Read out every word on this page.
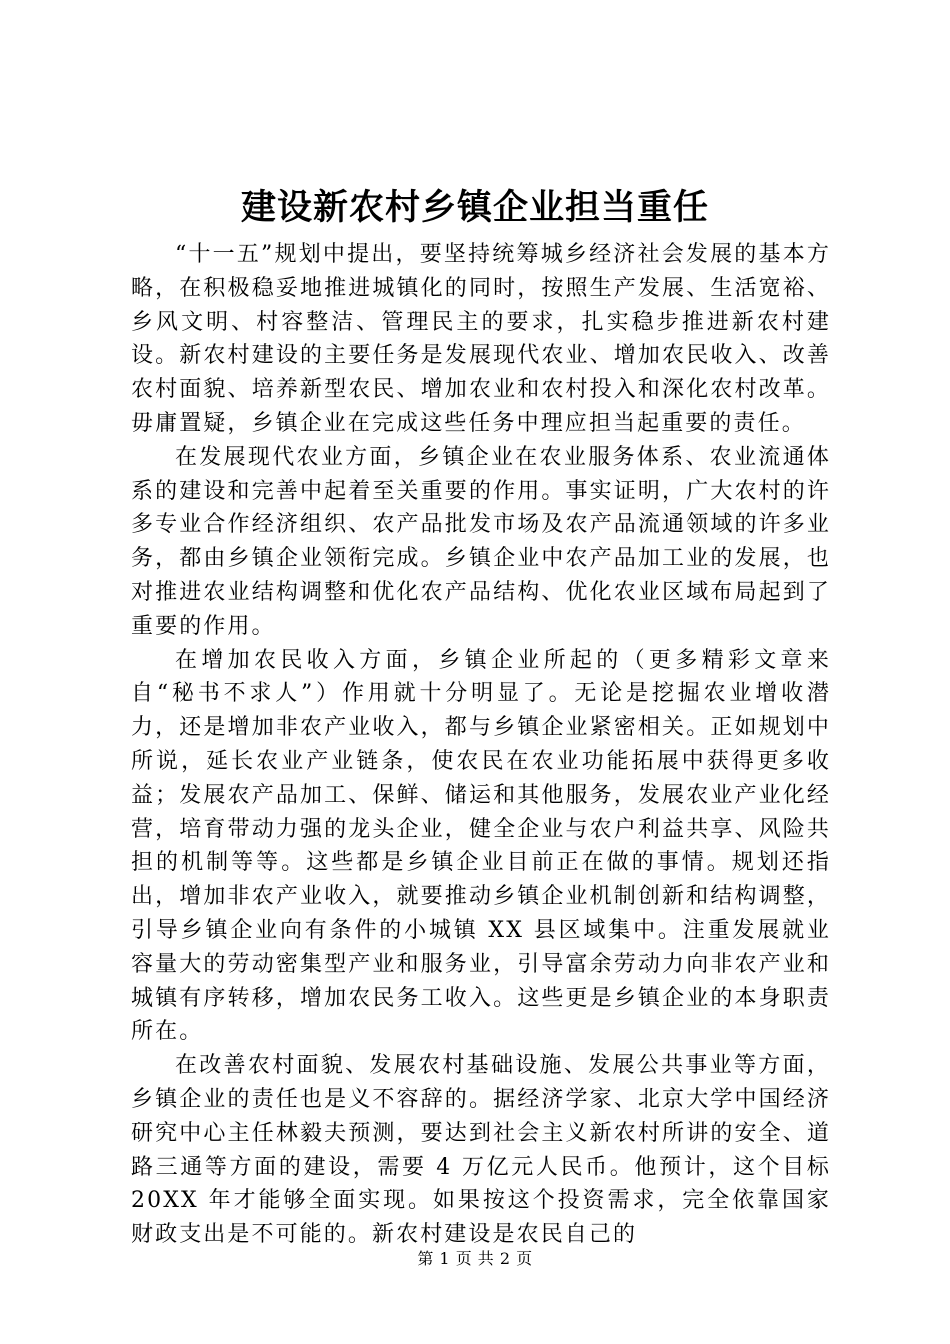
建设新农村乡镇企业担当重任

“十一五”规划中提出，要坚持统筹城乡经济社会发展的基本方略，在积极稳妥地推进城镇化的同时，按照生产发展、生活宽裕、乡风文明、村容整洁、管理民主的要求，扎实稳步推进新农村建设。新农村建设的主要任务是发展现代农业、增加农民收入、改善农村面貌、培养新型农民、增加农业和农村投入和深化农村改革。毋庸置疑，乡镇企业在完成这些任务中理应担当起重要的责任。

在发展现代农业方面，乡镇企业在农业服务体系、农业流通体系的建设和完善中起着至关重要的作用。事实证明，广大农村的许多专业合作经济组织、农产品批发市场及农产品流通领域的许多业务，都由乡镇企业领衔完成。乡镇企业中农产品加工业的发展，也对推进农业结构调整和优化农产品结构、优化农业区域布局起到了重要的作用。

在增加农民收入方面，乡镇企业所起的（更多精彩文章来自“秘书不求人”）作用就十分明显了。无论是挖掘农业增收潜力，还是增加非农产业收入，都与乡镇企业紧密相关。正如规划中所说，延长农业产业链条，使农民在农业功能拓展中获得更多收益；发展农产品加工、保鲜、储运和其他服务，发展农业产业化经营，培育带动力强的龙头企业，健全企业与农户利益共享、风险共担的机制等等。这些都是乡镇企业目前正在做的事情。规划还指出，增加非农产业收入，就要推动乡镇企业机制创新和结构调整，引导乡镇企业向有条件的小城镇 XX 县区域集中。注重发展就业容量大的劳动密集型产业和服务业，引导富余劳动力向非农产业和城镇有序转移，增加农民务工收入。这些更是乡镇企业的本身职责所在。

在改善农村面貌、发展农村基础设施、发展公共事业等方面，乡镇企业的责任也是义不容辞的。据经济学家、北京大学中国经济研究中心主任林毅夫预测，要达到社会主义新农村所讲的安全、道路三通等方面的建设，需要 4 万亿元人民币。他预计，这个目标 20XX 年才能够全面实现。如果按这个投资需求，完全依靠国家财政支出是不可能的。新农村建设是农民自己的

第 1 页 共 2 页
